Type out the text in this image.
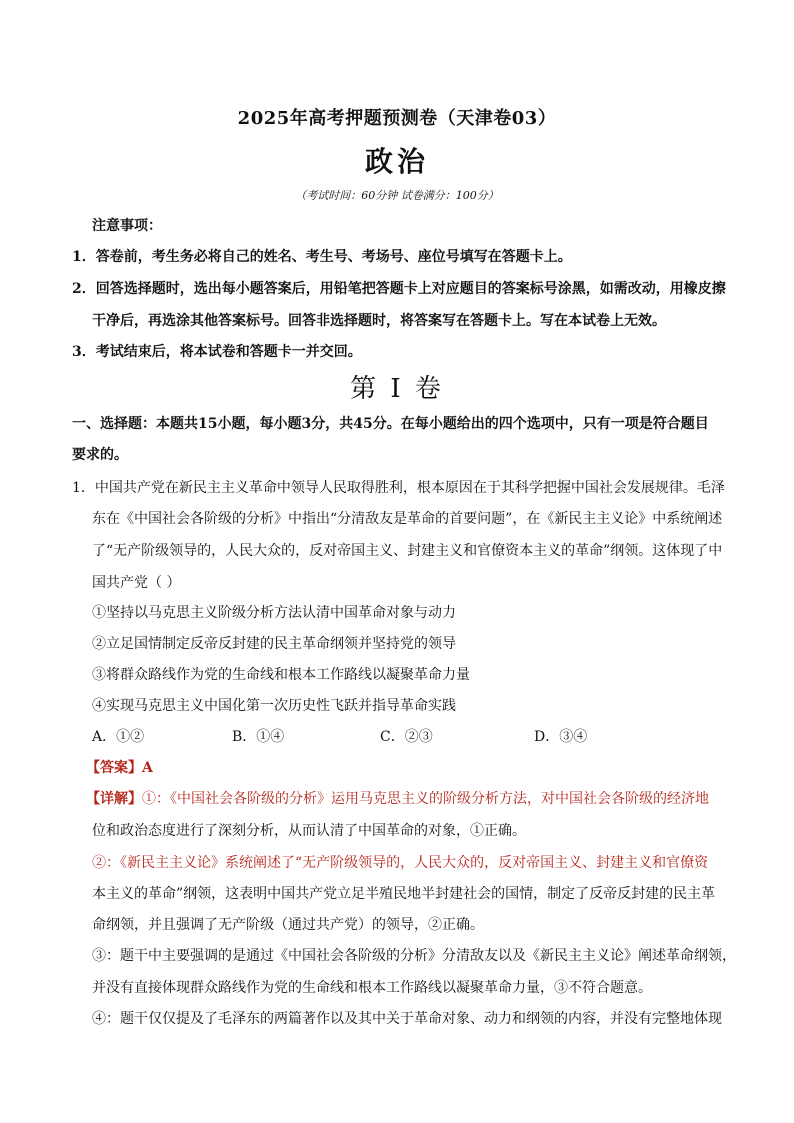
2025年高考押题预测卷（天津卷03）
政治
（考试时间：60分钟 试卷满分：100分）
注意事项：
1．答卷前，考生务必将自己的姓名、考生号、考场号、座位号填写在答题卡上。
2．回答选择题时，选出每小题答案后，用铅笔把答题卡上对应题目的答案标号涂黑，如需改动，用橡皮擦
干净后，再选涂其他答案标号。回答非选择题时，将答案写在答题卡上。写在本试卷上无效。
3．考试结束后，将本试卷和答题卡一并交回。
第 I 卷
一、选择题：本题共15小题，每小题3分，共45分。在每小题给出的四个选项中，只有一项是符合题目
要求的。
1．中国共产党在新民主主义革命中领导人民取得胜利，根本原因在于其科学把握中国社会发展规律。毛泽
东在《中国社会各阶级的分析》中指出“分清敌友是革命的首要问题”，在《新民主主义论》中系统阐述
了“无产阶级领导的，人民大众的，反对帝国主义、封建主义和官僚资本主义的革命”纲领。这体现了中
国共产党（ ）
①坚持以马克思主义阶级分析方法认清中国革命对象与动力
②立足国情制定反帝反封建的民主革命纲领并坚持党的领导
③将群众路线作为党的生命线和根本工作路线以凝聚革命力量
④实现马克思主义中国化第一次历史性飞跃并指导革命实践
A．①②	B．①④	C．②③	D．③④
【答案】A
【详解】①：《中国社会各阶级的分析》运用马克思主义的阶级分析方法，对中国社会各阶级的经济地
位和政治态度进行了深刻分析，从而认清了中国革命的对象，①正确。
②：《新民主主义论》系统阐述了“无产阶级领导的，人民大众的，反对帝国主义、封建主义和官僚资
本主义的革命”纲领，这表明中国共产党立足半殖民地半封建社会的国情，制定了反帝反封建的民主革
命纲领，并且强调了无产阶级（通过共产党）的领导，②正确。
③：题干中主要强调的是通过《中国社会各阶级的分析》分清敌友以及《新民主主义论》阐述革命纲领，
并没有直接体现群众路线作为党的生命线和根本工作路线以凝聚革命力量，③不符合题意。
④：题干仅仅提及了毛泽东的两篇著作以及其中关于革命对象、动力和纲领的内容，并没有完整地体现
